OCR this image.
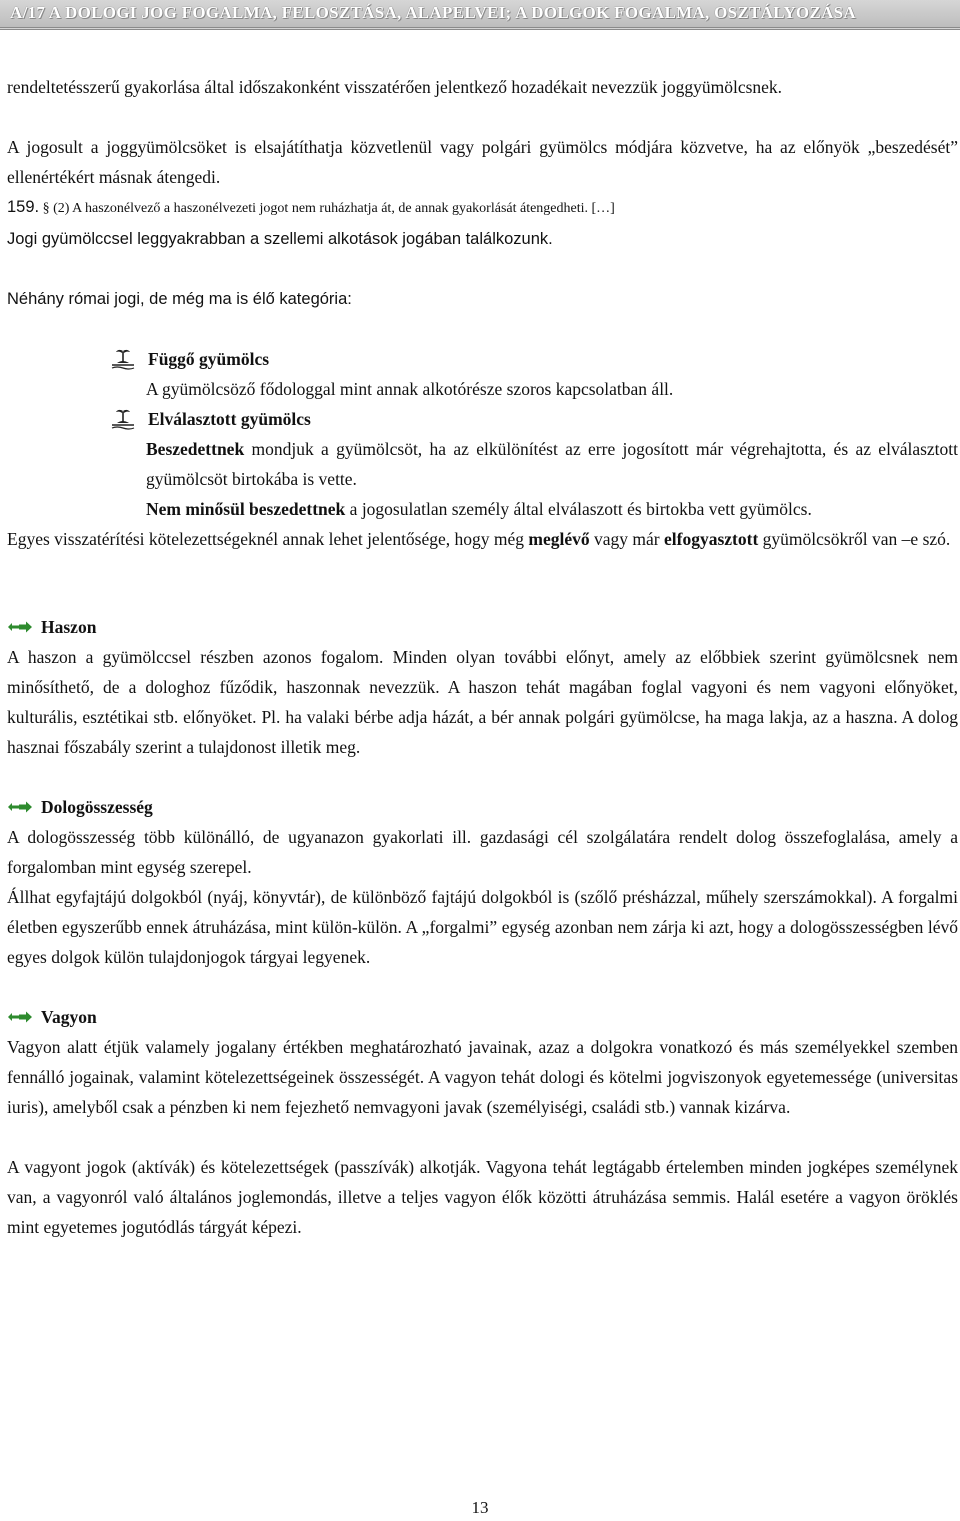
A/17 A DOLOGI JOG FOGALMA, FELOSZTÁSA, ALAPELVEI; A DOLGOK FOGALMA, OSZTÁLYOZÁSA

rendeltetésszerű gyakorlása által időszakonként visszatérően jelentkező hozadékait nevezzük joggyümölcsnek.

A jogosult a joggyümölcsöket is elsajátíthatja közvetlenül vagy polgári gyümölcs módjára közvetve, ha az előnyök „beszedését” ellenértékért másnak átengedi.

159. § (2) A haszonélvező a haszonélvezeti jogot nem ruházhatja át, de annak gyakorlását átengedheti. […]

Jogi gyümölccsel leggyakrabban a szellemi alkotások jogában találkozunk.

Néhány római jogi, de még ma is élő kategória:

Függő gyümölcs

A gyümölcsöző fődologgal mint annak alkotórésze szoros kapcsolatban áll.

Elválasztott gyümölcs

Beszedettnek mondjuk a gyümölcsöt, ha az elkülönítést az erre jogosított már végrehajtotta, és az elválasztott gyümölcsöt birtokába is vette.

Nem minősül beszedettnek a jogosulatlan személy által elválaszott és birtokba vett gyümölcs.

Egyes visszatérítési kötelezettségeknél annak lehet jelentősége, hogy még meglévő vagy már elfogyasztott gyümölcsökről van –e szó.

Haszon

A haszon a gyümölccsel részben azonos fogalom. Minden olyan további előnyt, amely az előbbiek szerint gyümölcsnek nem minősíthető, de a dologhoz fűződik, haszonnak nevezzük. A haszon tehát magában foglal vagyoni és nem vagyoni előnyöket, kulturális, esztétikai stb. előnyöket. Pl. ha valaki bérbe adja házát, a bér annak polgári gyümölcse, ha maga lakja, az a haszna. A dolog hasznai főszabály szerint a tulajdonost illetik meg.

Dologösszesség

A dologösszesség több különálló, de ugyanazon gyakorlati ill. gazdasági cél szolgálatára rendelt dolog összefoglalása, amely a forgalomban mint egység szerepel.

Állhat egyfajtájú dolgokból (nyáj, könyvtár), de különböző fajtájú dolgokból is (szőlő présházzal, műhely szerszámokkal). A forgalmi életben egyszerűbb ennek átruházása, mint külön-külön. A „forgalmi” egység azonban nem zárja ki azt, hogy a dologösszességben lévő egyes dolgok külön tulajdonjogok tárgyai legyenek.

Vagyon

Vagyon alatt étjük valamely jogalany értékben meghatározható javainak, azaz a dolgokra vonatkozó és más személyekkel szemben fennálló jogainak, valamint kötelezettségeinek összességét. A vagyon tehát dologi és kötelmi jogviszonyok egyetemessége (universitas iuris), amelyből csak a pénzben ki nem fejezhető nemvagyoni javak (személyiségi, családi stb.) vannak kizárva.

A vagyont jogok (aktívák) és kötelezettségek (passzívák) alkotják. Vagyona tehát legtágabb értelemben minden jogképes személynek van, a vagyonról való általános joglemondás, illetve a teljes vagyon élők közötti átruházása semmis. Halál esetére a vagyon öröklés mint egyetemes jogutódlás tárgyát képezi.

13
